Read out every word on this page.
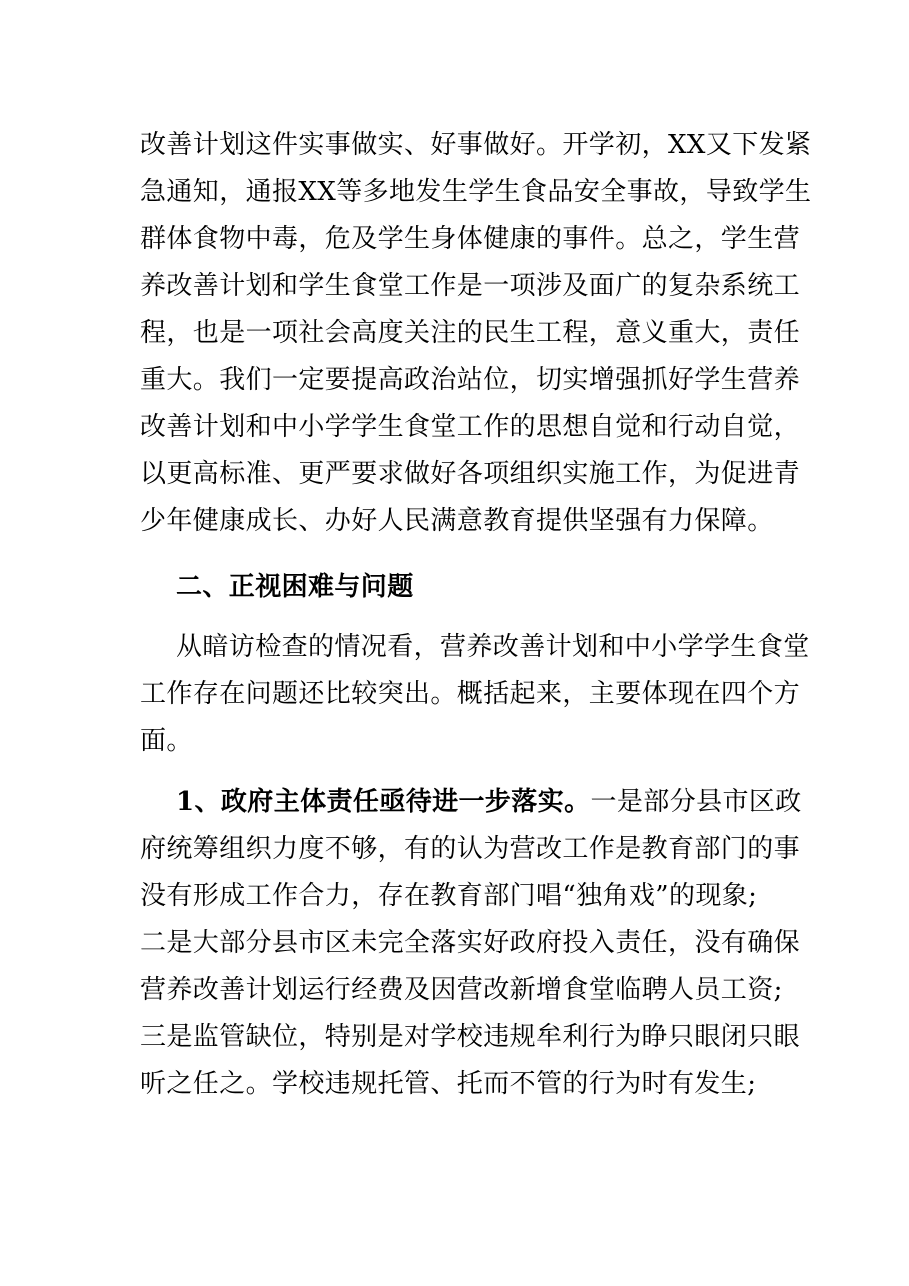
改善计划这件实事做实、好事做好。开学初，XX又下发紧
急通知，通报XX等多地发生学生食品安全事故，导致学生
群体食物中毒，危及学生身体健康的事件。总之，学生营
养改善计划和学生食堂工作是一项涉及面广的复杂系统工
程，也是一项社会高度关注的民生工程，意义重大，责任
重大。我们一定要提高政治站位，切实增强抓好学生营养
改善计划和中小学学生食堂工作的思想自觉和行动自觉，
以更高标准、更严要求做好各项组织实施工作，为促进青
少年健康成长、办好人民满意教育提供坚强有力保障。
二、正视困难与问题
从暗访检查的情况看，营养改善计划和中小学学生食堂
工作存在问题还比较突出。概括起来，主要体现在四个方
面。
1、政府主体责任亟待进一步落实。一是部分县市区政
府统筹组织力度不够，有的认为营改工作是教育部门的事
没有形成工作合力，存在教育部门唱“独角戏”的现象;
二是大部分县市区未完全落实好政府投入责任，没有确保
营养改善计划运行经费及因营改新增食堂临聘人员工资;
三是监管缺位，特别是对学校违规牟利行为睁只眼闭只眼
听之任之。学校违规托管、托而不管的行为时有发生;
